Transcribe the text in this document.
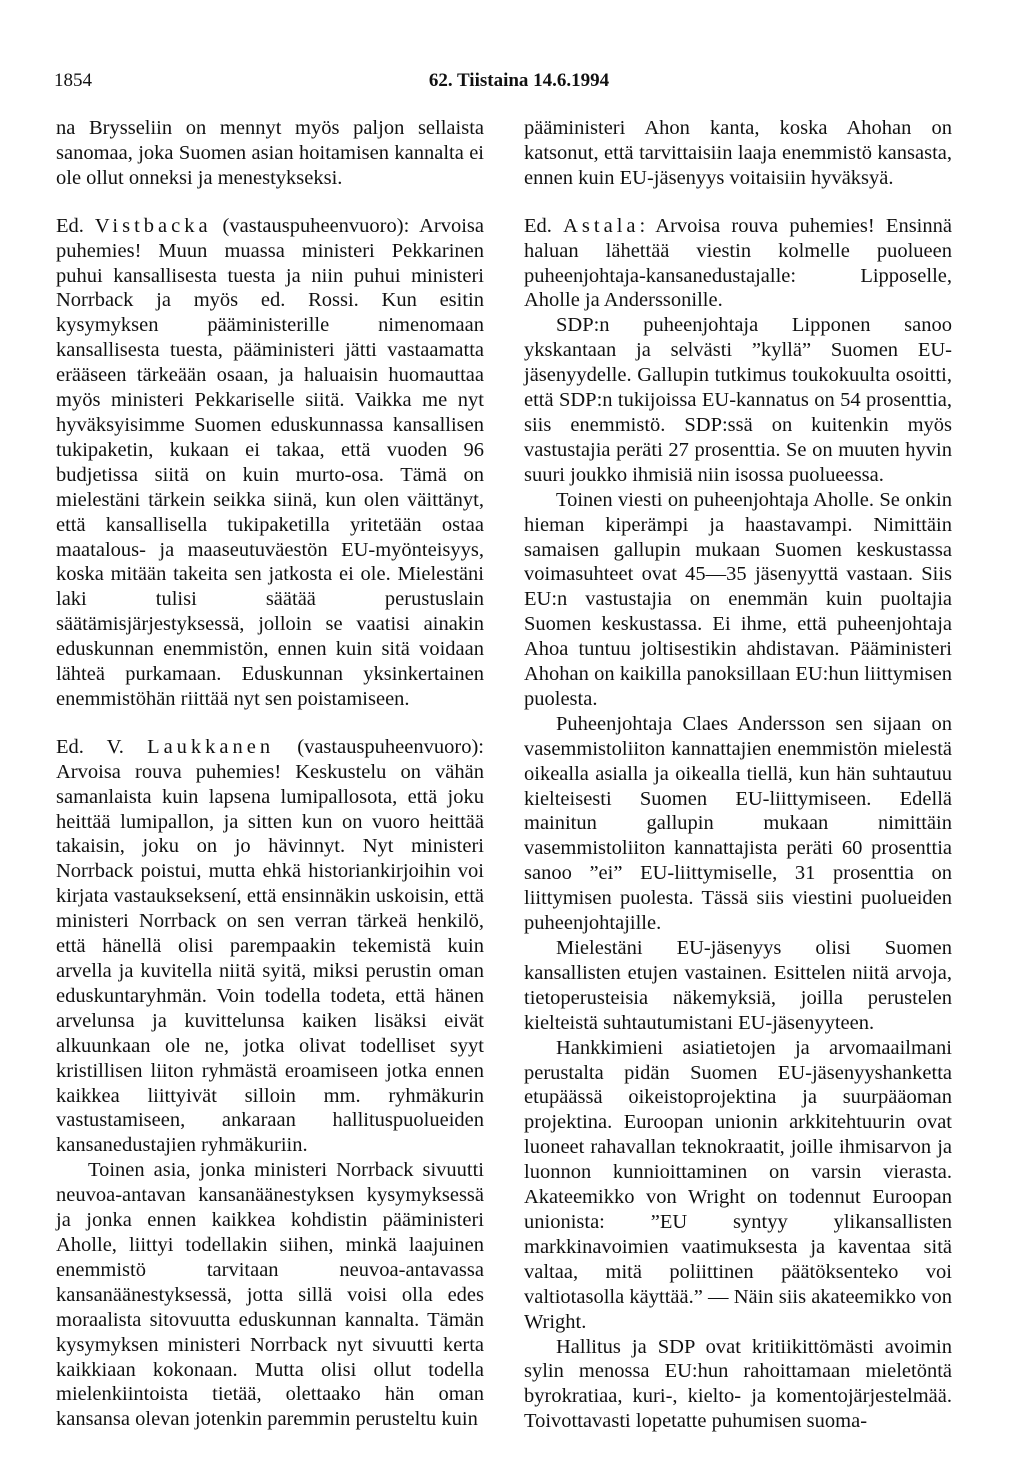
1854	62. Tiistaina 14.6.1994

na Brysseliin on mennyt myös paljon sellaista sanomaa, joka Suomen asian hoitamisen kannalta ei ole ollut onneksi ja menestykseksi.

Ed. Vistbacka (vastauspuheenvuoro): Arvoisa puhemies! Muun muassa ministeri Pekkarinen puhui kansallisesta tuesta ja niin puhui ministeri Norrback ja myös ed. Rossi. Kun esitin kysymyksen pääministerille nimenomaan kansallisesta tuesta, pääministeri jätti vastaamatta erääseen tärkeään osaan, ja haluaisin huomauttaa myös ministeri Pekkariselle siitä. Vaikka me nyt hyväksyisimme Suomen eduskunnassa kansallisen tukipaketin, kukaan ei takaa, että vuoden 96 budjetissa siitä on kuin murto-osa. Tämä on mielestäni tärkein seikka siinä, kun olen väittänyt, että kansallisella tukipaketilla yritetään ostaa maatalous- ja maaseutuväestön EU-myönteisyys, koska mitään takeita sen jatkosta ei ole. Mielestäni laki tulisi säätää perustuslain säätämisjärjestyksessä, jolloin se vaatisi ainakin eduskunnan enemmistön, ennen kuin sitä voidaan lähteä purkamaan. Eduskunnan yksinkertainen enemmistöhän riittää nyt sen poistamiseen.

Ed. V. Laukkanen (vastauspuheenvuoro): Arvoisa rouva puhemies! Keskustelu on vähän samanlaista kuin lapsena lumipallosota, että joku heittää lumipallon, ja sitten kun on vuoro heittää takaisin, joku on jo hävinnyt. Nyt ministeri Norrback poistui, mutta ehkä historiankirjoihin voi kirjata vastaukseksení, että ensinnäkin uskoisin, että ministeri Norrback on sen verran tärkeä henkilö, että hänellä olisi parempaakin tekemistä kuin arvella ja kuvitella niitä syitä, miksi perustin oman eduskuntaryhmän. Voin todella todeta, että hänen arvelunsa ja kuvittelunsa kaiken lisäksi eivät alkuunkaan ole ne, jotka olivat todelliset syyt kristillisen liiton ryhmästä eroamiseen jotka ennen kaikkea liittyivät silloin mm. ryhmäkurin vastustamiseen, ankaraan hallituspuolueiden kansanedustajien ryhmäkuriin.

Toinen asia, jonka ministeri Norrback sivuutti neuvoa-antavan kansanäänestyksen kysymyksessä ja jonka ennen kaikkea kohdistin pääministeri Aholle, liittyi todellakin siihen, minkä laajuinen enemmistö tarvitaan neuvoa-antavassa kansanäänestyksessä, jotta sillä voisi olla edes moraalista sitovuutta eduskunnan kannalta. Tämän kysymyksen ministeri Norrback nyt sivuutti kerta kaikkiaan kokonaan. Mutta olisi ollut todella mielenkiintoista tietää, olettaako hän oman kansansa olevan jotenkin paremmin perusteltu kuin

pääministeri Ahon kanta, koska Ahohan on katsonut, että tarvittaisiin laaja enemmistö kansasta, ennen kuin EU-jäsenyys voitaisiin hyväksyä.

Ed. Astala: Arvoisa rouva puhemies! Ensinnä haluan lähettää viestin kolmelle puolueen puheenjohtaja-kansanedustajalle: Lipposelle, Aholle ja Anderssonille.

SDP:n puheenjohtaja Lipponen sanoo ykskantaan ja selvästi ”kyllä” Suomen EU-jäsenyydelle. Gallupin tutkimus toukokuulta osoitti, että SDP:n tukijoissa EU-kannatus on 54 prosenttia, siis enemmistö. SDP:ssä on kuitenkin myös vastustajia peräti 27 prosenttia. Se on muuten hyvin suuri joukko ihmisiä niin isossa puolueessa.

Toinen viesti on puheenjohtaja Aholle. Se onkin hieman kiperämpi ja haastavampi. Nimittäin samaisen gallupin mukaan Suomen keskustassa voimasuhteet ovat 45—35 jäsenyyttä vastaan. Siis EU:n vastustajia on enemmän kuin puoltajia Suomen keskustassa. Ei ihme, että puheenjohtaja Ahoa tuntuu joltisestikin ahdistavan. Pääministeri Ahohan on kaikilla panoksillaan EU:hun liittymisen puolesta.

Puheenjohtaja Claes Andersson sen sijaan on vasemmistoliiton kannattajien enemmistön mielestä oikealla asialla ja oikealla tiellä, kun hän suhtautuu kielteisesti Suomen EU-liittymiseen. Edellä mainitun gallupin mukaan nimittäin vasemmistoliiton kannattajista peräti 60 prosenttia sanoo ”ei” EU-liittymiselle, 31 prosenttia on liittymisen puolesta. Tässä siis viestini puolueiden puheenjohtajille.

Mielestäni EU-jäsenyys olisi Suomen kansallisten etujen vastainen. Esittelen niitä arvoja, tietoperusteisia näkemyksiä, joilla perustelen kielteistä suhtautumistani EU-jäsenyyteen.

Hankkimieni asiatietojen ja arvomaailmani perustalta pidän Suomen EU-jäsenyyshanketta etupäässä oikeistoprojektina ja suurpääoman projektina. Euroopan unionin arkkitehtuurin ovat luoneet rahavallan teknokraatit, joille ihmisarvon ja luonnon kunnioittaminen on varsin vierasta. Akateemikko von Wright on todennut Euroopan unionista: ”EU syntyy ylikansallisten markkinavoimien vaatimuksesta ja kaventaa sitä valtaa, mitä poliittinen päätöksenteko voi valtiotasolla käyttää.” — Näin siis akateemikko von Wright.

Hallitus ja SDP ovat kritiikittömästi avoimin sylin menossa EU:hun rahoittamaan mieletöntä byrokratiaa, kuri-, kielto- ja komentojärjestelmää. Toivottavasti lopetatte puhumisen suoma-
